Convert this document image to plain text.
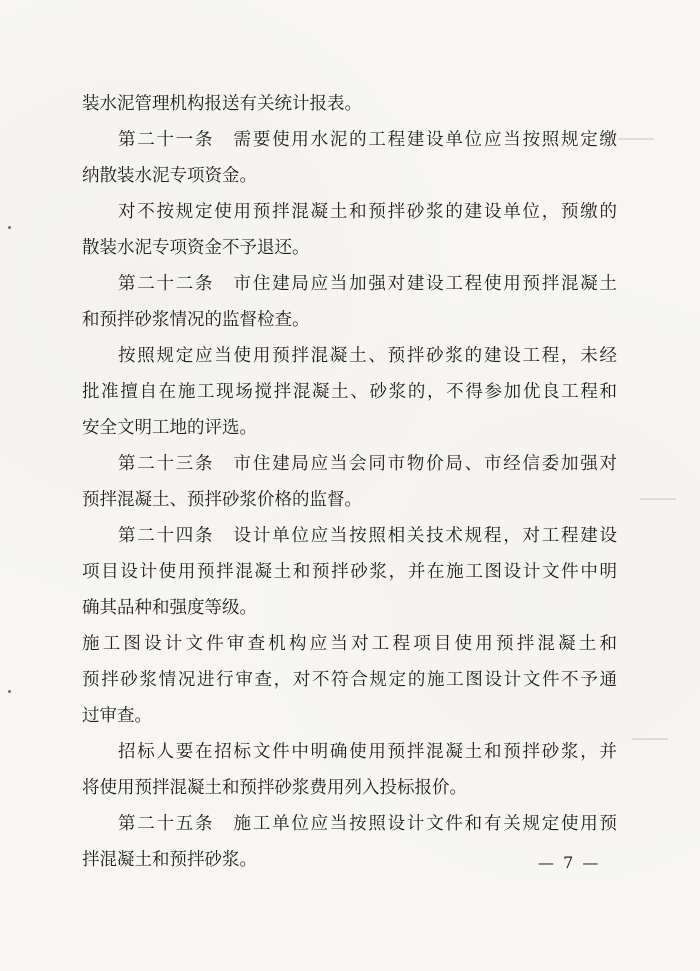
装水泥管理机构报送有关统计报表。
第二十一条　需要使用水泥的工程建设单位应当按照规定缴
纳散装水泥专项资金。
对不按规定使用预拌混凝土和预拌砂浆的建设单位，预缴的
散装水泥专项资金不予退还。
第二十二条　市住建局应当加强对建设工程使用预拌混凝土
和预拌砂浆情况的监督检查。
按照规定应当使用预拌混凝土、预拌砂浆的建设工程，未经
批准擅自在施工现场搅拌混凝土、砂浆的，不得参加优良工程和
安全文明工地的评选。
第二十三条　市住建局应当会同市物价局、市经信委加强对
预拌混凝土、预拌砂浆价格的监督。
第二十四条　设计单位应当按照相关技术规程，对工程建设
项目设计使用预拌混凝土和预拌砂浆，并在施工图设计文件中明
确其品种和强度等级。
施工图设计文件审查机构应当对工程项目使用预拌混凝土和
预拌砂浆情况进行审查，对不符合规定的施工图设计文件不予通
过审查。
招标人要在招标文件中明确使用预拌混凝土和预拌砂浆，并
将使用预拌混凝土和预拌砂浆费用列入投标报价。
第二十五条　施工单位应当按照设计文件和有关规定使用预
拌混凝土和预拌砂浆。	— 7 —
